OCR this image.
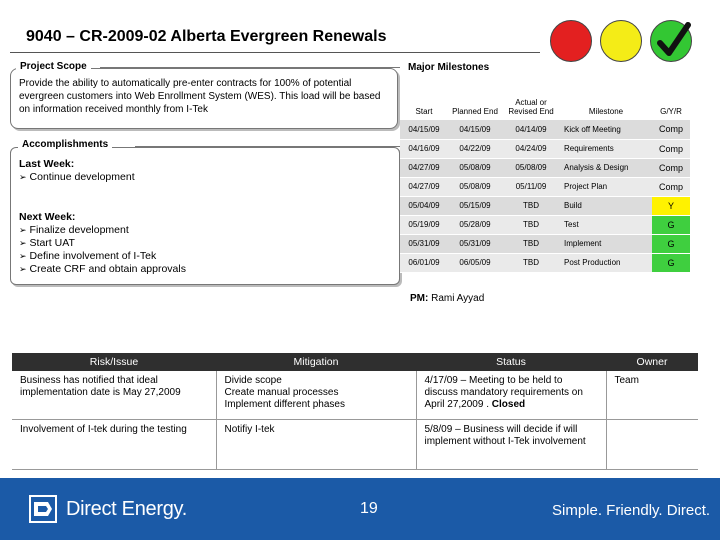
9040 – CR-2009-02 Alberta Evergreen Renewals
Provide the ability to automatically pre-enter contracts for 100% of potential evergreen customers into Web Enrollment System (WES). This load will be based on information received monthly from I-Tek
Project Scope
Last Week:
➢ Continue development
Next Week:
➢ Finalize development
➢ Start UAT
➢ Define involvement of I-Tek
➢ Create CRF and obtain approvals
Accomplishments
Major Milestones
Start	Planned End	Actual or Revised End	Milestone	G/Y/R
04/15/09	04/15/09	04/14/09	Kick off Meeting	Comp
04/16/09	04/22/09	04/24/09	Requirements	Comp
04/27/09	05/08/09	05/08/09	Analysis & Design	Comp
04/27/09	05/08/09	05/11/09	Project Plan	Comp
05/04/09	05/15/09	TBD	Build	Y
05/19/09	05/28/09	TBD	Test	G
05/31/09	05/31/09	TBD	Implement	G
06/01/09	06/05/09	TBD	Post Production	G
PM: Rami Ayyad
Risk/Issue	Mitigation	Status	Owner
Business has notified that ideal implementation date is May 27,2009	Divide scope
Create manual processes
Implement different phases	4/17/09 – Meeting to be held to discuss mandatory requirements on April 27,2009 . Closed	Team
Involvement of I-tek during the testing	Notifiy I-tek	5/8/09 – Business will decide if will implement without I-Tek involvement	
Direct Energy.	19	Simple. Friendly. Direct.
